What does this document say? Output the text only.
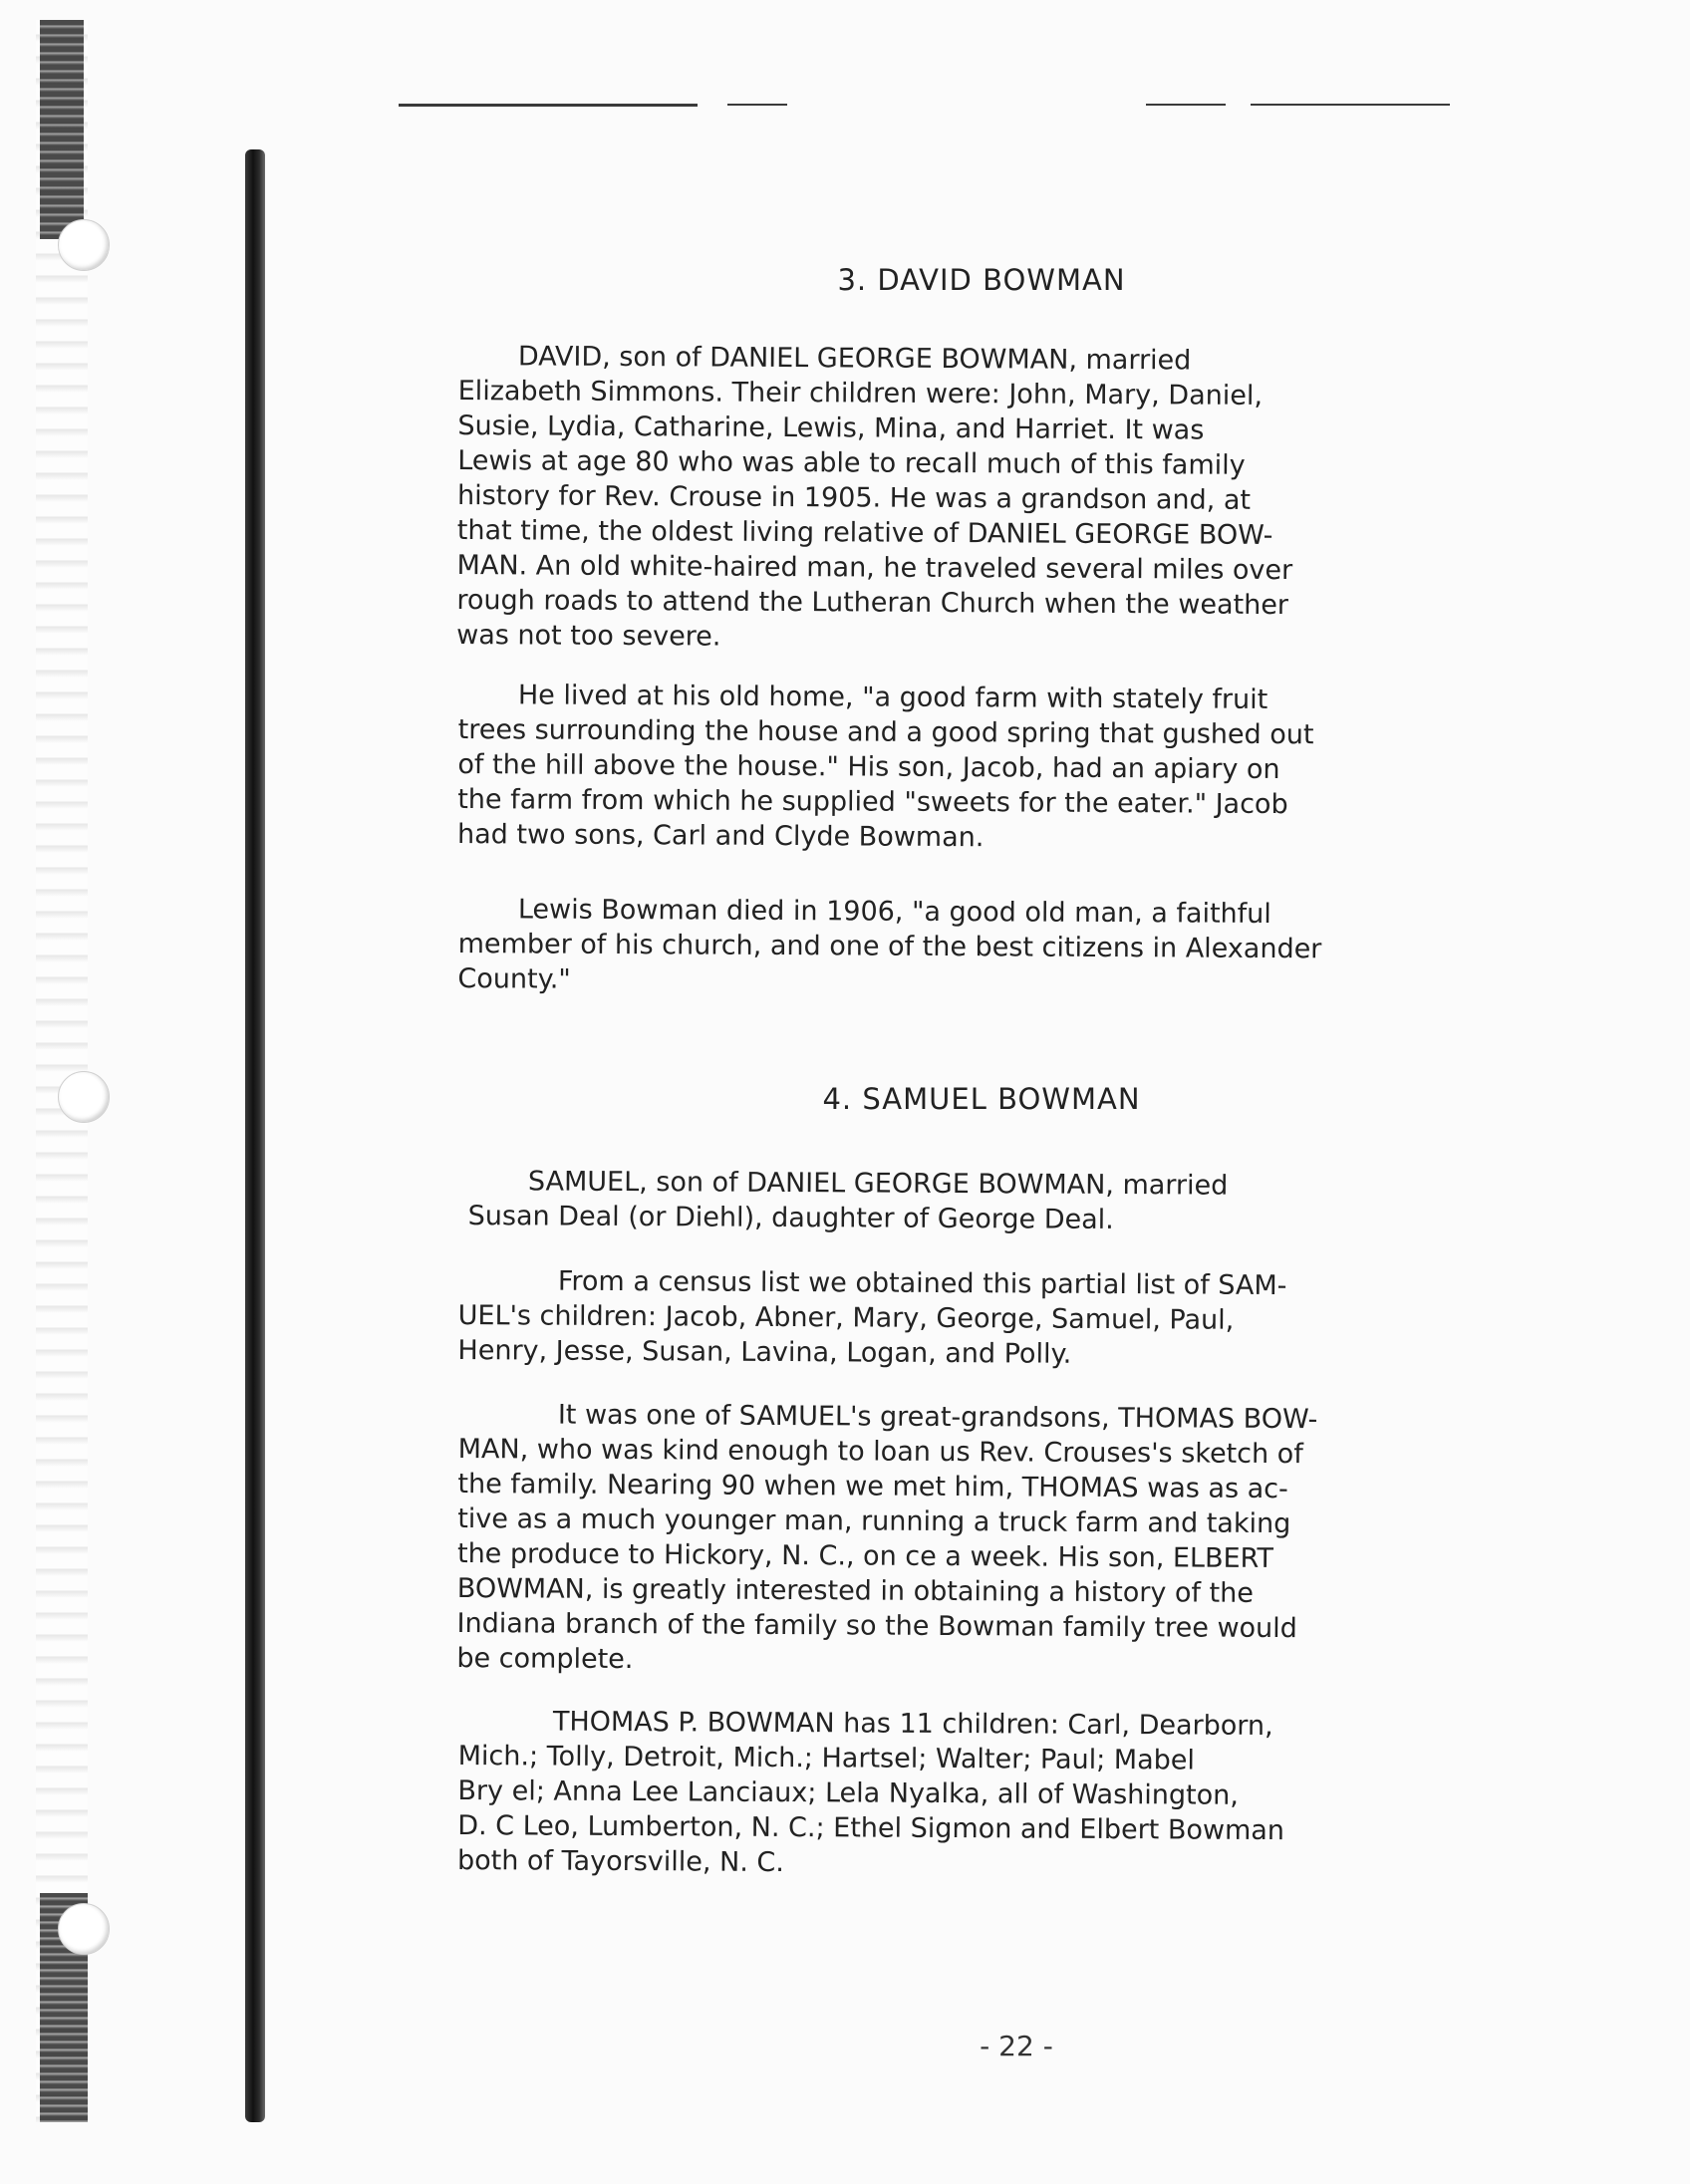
3. DAVID BOWMAN
DAVID, son of DANIEL GEORGE BOWMAN, married
Elizabeth Simmons. Their children were: John, Mary, Daniel,
Susie, Lydia, Catharine, Lewis, Mina, and Harriet. It was
Lewis at age 80 who was able to recall much of this family
history for Rev. Crouse in 1905. He was a grandson and, at
that time, the oldest living relative of DANIEL GEORGE BOW-
MAN. An old white-haired man, he traveled several miles over
rough roads to attend the Lutheran Church when the weather
was not too severe.
He lived at his old home, "a good farm with stately fruit
trees surrounding the house and a good spring that gushed out
of the hill above the house." His son, Jacob, had an apiary on
the farm from which he supplied "sweets for the eater." Jacob
had two sons, Carl and Clyde Bowman.
Lewis Bowman died in 1906, "a good old man, a faithful
member of his church, and one of the best citizens in Alexander
County."
4. SAMUEL BOWMAN
SAMUEL, son of DANIEL GEORGE BOWMAN, married
Susan Deal (or Diehl), daughter of George Deal.
From a census list we obtained this partial list of SAM-
UEL's children: Jacob, Abner, Mary, George, Samuel, Paul,
Henry, Jesse, Susan, Lavina, Logan, and Polly.
It was one of SAMUEL's great-grandsons, THOMAS BOW-
MAN, who was kind enough to loan us Rev. Crouses's sketch of
the family. Nearing 90 when we met him, THOMAS was as ac-
tive as a much younger man, running a truck farm and taking
the produce to Hickory, N. C., on ce a week. His son, ELBERT
BOWMAN, is greatly interested in obtaining a history of the
Indiana branch of the family so the Bowman family tree would
be complete.
THOMAS P. BOWMAN has 11 children: Carl, Dearborn,
Mich.; Tolly, Detroit, Mich.; Hartsel; Walter; Paul; Mabel
Bry el; Anna Lee Lanciaux; Lela Nyalka, all of Washington,
D. C Leo, Lumberton, N. C.; Ethel Sigmon and Elbert Bowman
both of Tayorsville, N. C.
- 22 -
